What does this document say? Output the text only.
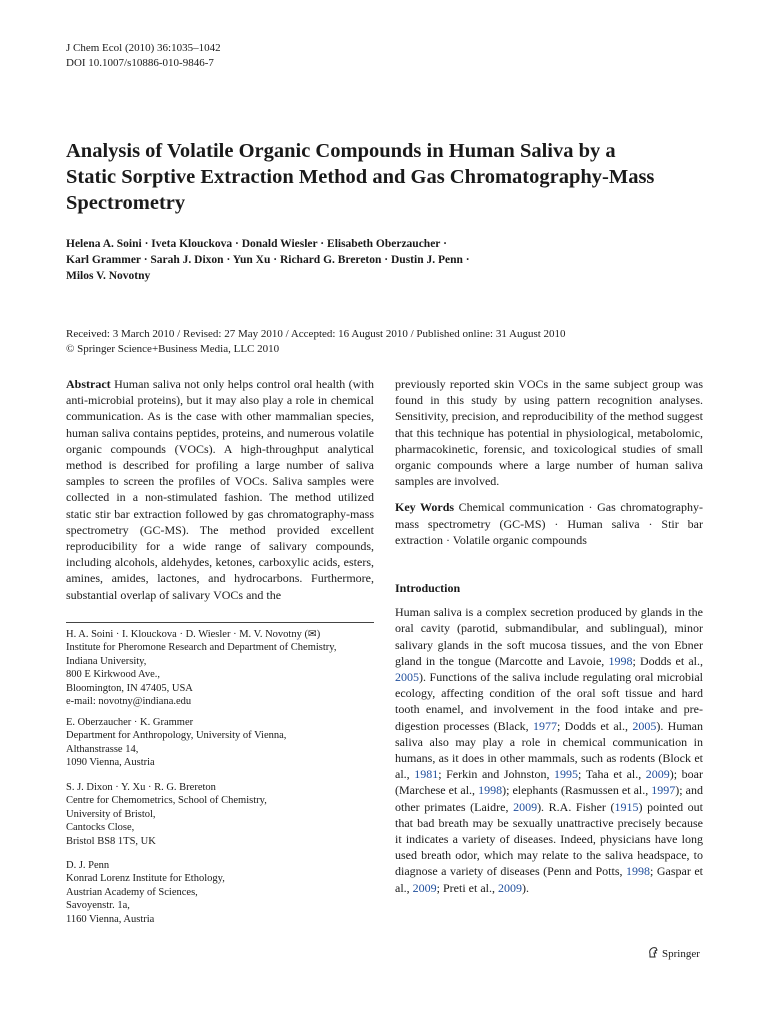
J Chem Ecol (2010) 36:1035–1042
DOI 10.1007/s10886-010-9846-7
Analysis of Volatile Organic Compounds in Human Saliva by a Static Sorptive Extraction Method and Gas Chromatography-Mass Spectrometry
Helena A. Soini · Iveta Klouckova · Donald Wiesler · Elisabeth Oberzaucher ·
Karl Grammer · Sarah J. Dixon · Yun Xu · Richard G. Brereton · Dustin J. Penn ·
Milos V. Novotny
Received: 3 March 2010 / Revised: 27 May 2010 / Accepted: 16 August 2010 / Published online: 31 August 2010
© Springer Science+Business Media, LLC 2010
Abstract Human saliva not only helps control oral health (with anti-microbial proteins), but it may also play a role in chemical communication. As is the case with other mammalian species, human saliva contains peptides, proteins, and numerous volatile organic compounds (VOCs). A high-throughput analytical method is described for profiling a large number of saliva samples to screen the profiles of VOCs. Saliva samples were collected in a non-stimulated fashion. The method utilized static stir bar extraction followed by gas chromatography-mass spectrometry (GC-MS). The method provided excellent reproducibility for a wide range of salivary compounds, including alcohols, aldehydes, ketones, carboxylic acids, esters, amines, amides, lactones, and hydrocarbons. Furthermore, substantial overlap of salivary VOCs and the
H. A. Soini · I. Klouckova · D. Wiesler · M. V. Novotny (✉)
Institute for Pheromone Research and Department of Chemistry,
Indiana University,
800 E Kirkwood Ave.,
Bloomington, IN 47405, USA
e-mail: novotny@indiana.edu
E. Oberzaucher · K. Grammer
Department for Anthropology, University of Vienna,
Althanstrasse 14,
1090 Vienna, Austria
S. J. Dixon · Y. Xu · R. G. Brereton
Centre for Chemometrics, School of Chemistry,
University of Bristol,
Cantocks Close,
Bristol BS8 1TS, UK
D. J. Penn
Konrad Lorenz Institute for Ethology,
Austrian Academy of Sciences,
Savoyenstr. 1a,
1160 Vienna, Austria
previously reported skin VOCs in the same subject group was found in this study by using pattern recognition analyses. Sensitivity, precision, and reproducibility of the method suggest that this technique has potential in physiological, metabolomic, pharmacokinetic, forensic, and toxicological studies of small organic compounds where a large number of human saliva samples are involved.
Key Words Chemical communication · Gas chromatography-mass spectrometry (GC-MS) · Human saliva · Stir bar extraction · Volatile organic compounds
Introduction
Human saliva is a complex secretion produced by glands in the oral cavity (parotid, submandibular, and sublingual), minor salivary glands in the soft mucosa tissues, and the von Ebner gland in the tongue (Marcotte and Lavoie, 1998; Dodds et al., 2005). Functions of the saliva include regulating oral microbial ecology, affecting condition of the oral soft tissue and hard tooth enamel, and involvement in the food intake and pre-digestion processes (Black, 1977; Dodds et al., 2005). Human saliva also may play a role in chemical communication in humans, as it does in other mammals, such as rodents (Block et al., 1981; Ferkin and Johnston, 1995; Taha et al., 2009); boar (Marchese et al., 1998); elephants (Rasmussen et al., 1997); and other primates (Laidre, 2009). R.A. Fisher (1915) pointed out that bad breath may be sexually unattractive precisely because it indicates a variety of diseases. Indeed, physicians have long used breath odor, which may relate to the saliva headspace, to diagnose a variety of diseases (Penn and Potts, 1998; Gaspar et al., 2009; Preti et al., 2009).
Springer
